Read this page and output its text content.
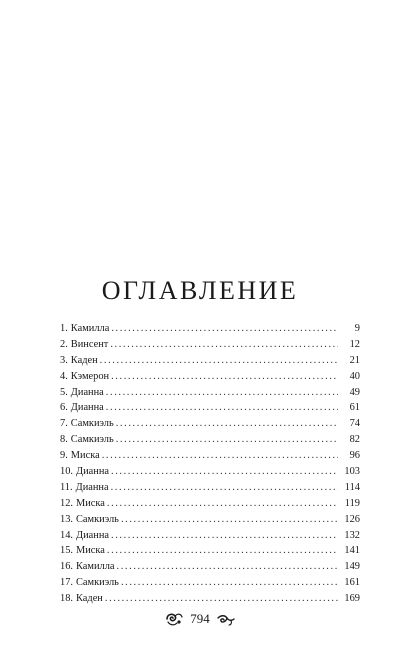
ОГЛАВЛЕНИЕ
1. Камилла . . .	9
2. Винсент . . .	12
3. Каден . . .	21
4. Кэмерон . . .	40
5. Дианна . . .	49
6. Дианна . . .	61
7. Самкиэль . . .	74
8. Самкиэль . . .	82
9. Миска . . .	96
10. Дианна . . .	103
11. Дианна . . .	114
12. Миска . . .	119
13. Самкиэль . . .	126
14. Дианна . . .	132
15. Миска . . .	141
16. Камилла . . .	149
17. Самкиэль . . .	161
18. Каден . . .	169
794
